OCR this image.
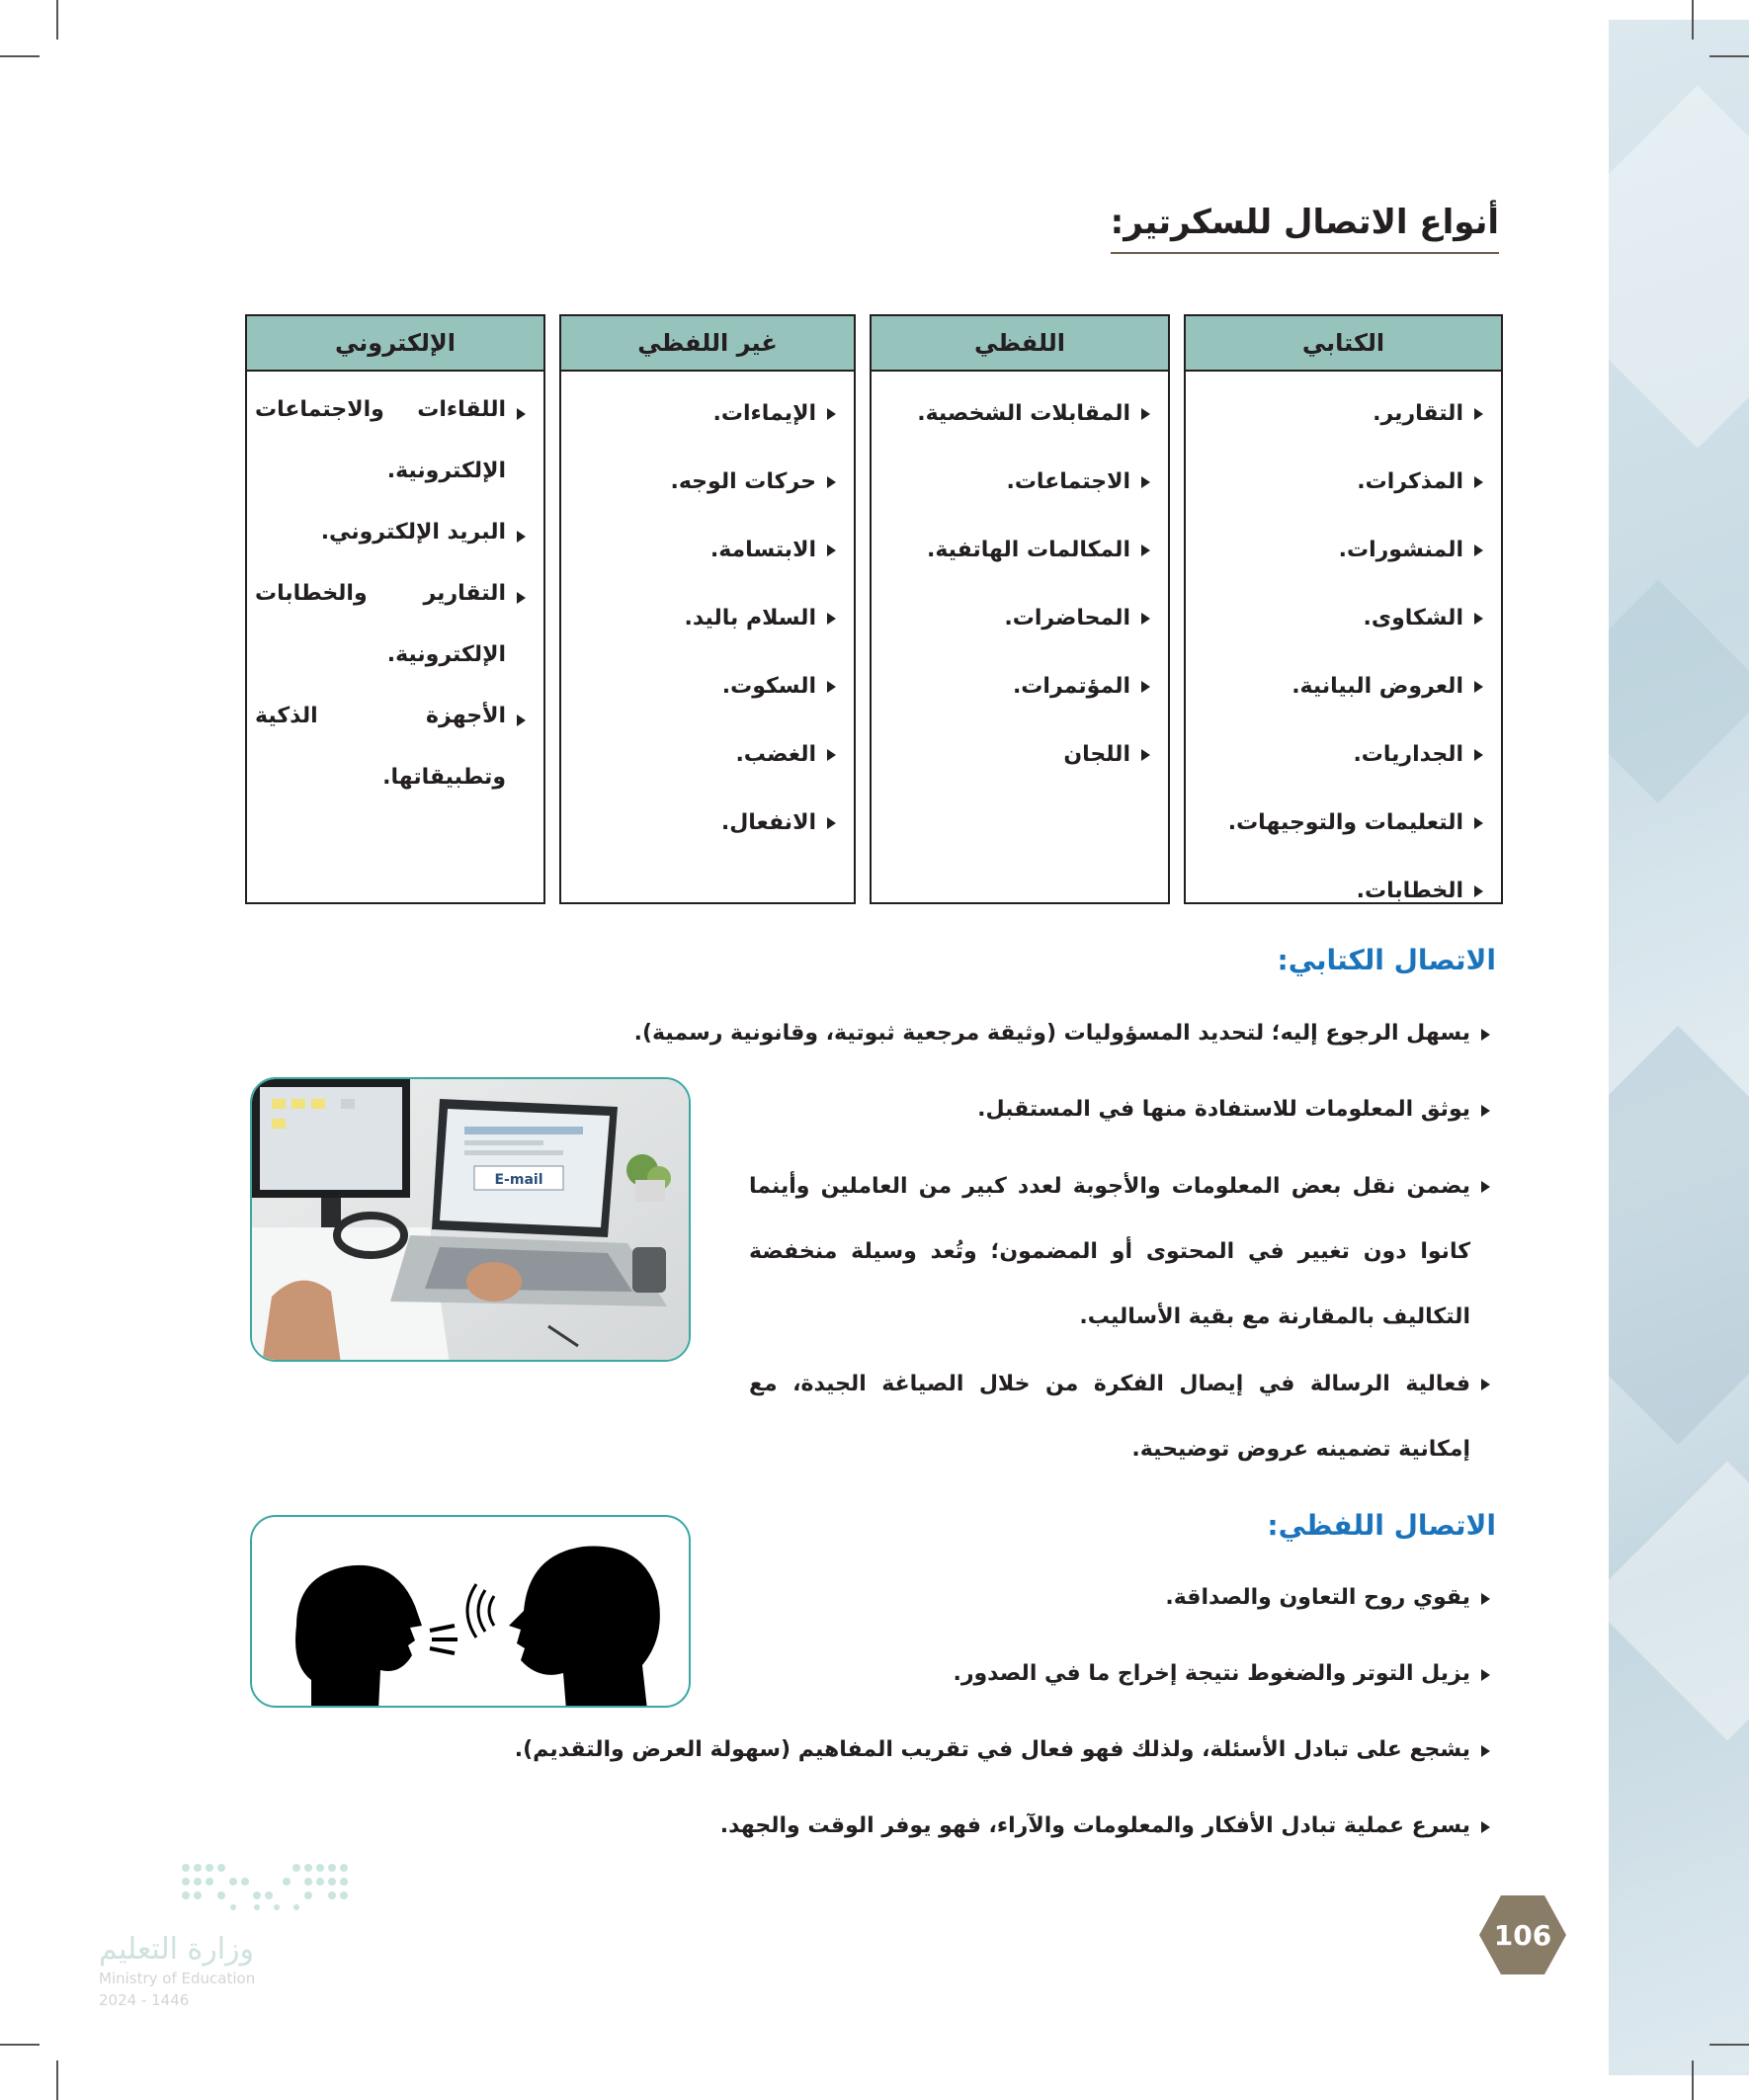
أنواع الاتصال للسكرتير:
الكتابي
التقارير.
المذكرات.
المنشورات.
الشكاوى.
العروض البيانية.
الجداريات.
التعليمات والتوجيهات.
الخطابات.
اللفظي
المقابلات الشخصية.
الاجتماعات.
المكالمات الهاتفية.
المحاضرات.
المؤتمرات.
اللجان
غير اللفظي
الإيماءات.
حركات الوجه.
الابتسامة.
السلام باليد.
السكوت.
الغضب.
الانفعال.
الإلكتروني
اللقاءات والاجتماعات الإلكترونية.
البريد الإلكتروني.
التقارير والخطابات الإلكترونية.
الأجهزة الذكية وتطبيقاتها.
الاتصال الكتابي:
يسهل الرجوع إليه؛ لتحديد المسؤوليات (وثيقة مرجعية ثبوتية، وقانونية رسمية).
يوثق المعلومات للاستفادة منها في المستقبل.
يضمن نقل بعض المعلومات والأجوبة لعدد كبير من العاملين وأينما كانوا دون تغيير في المحتوى أو المضمون؛ وتُعد وسيلة منخفضة التكاليف بالمقارنة مع بقية الأساليب.
فعالية الرسالة في إيصال الفكرة من خلال الصياغة الجيدة، مع إمكانية تضمينه عروض توضيحية.
E-mail
الاتصال اللفظي:
يقوي روح التعاون والصداقة.
يزيل التوتر والضغوط نتيجة إخراج ما في الصدور.
يشجع على تبادل الأسئلة، ولذلك فهو فعال في تقريب المفاهيم (سهولة العرض والتقديم).
يسرع عملية تبادل الأفكار والمعلومات والآراء، فهو يوفر الوقت والجهد.
106
وزارة التعليم
Ministry of Education
2024 - 1446
